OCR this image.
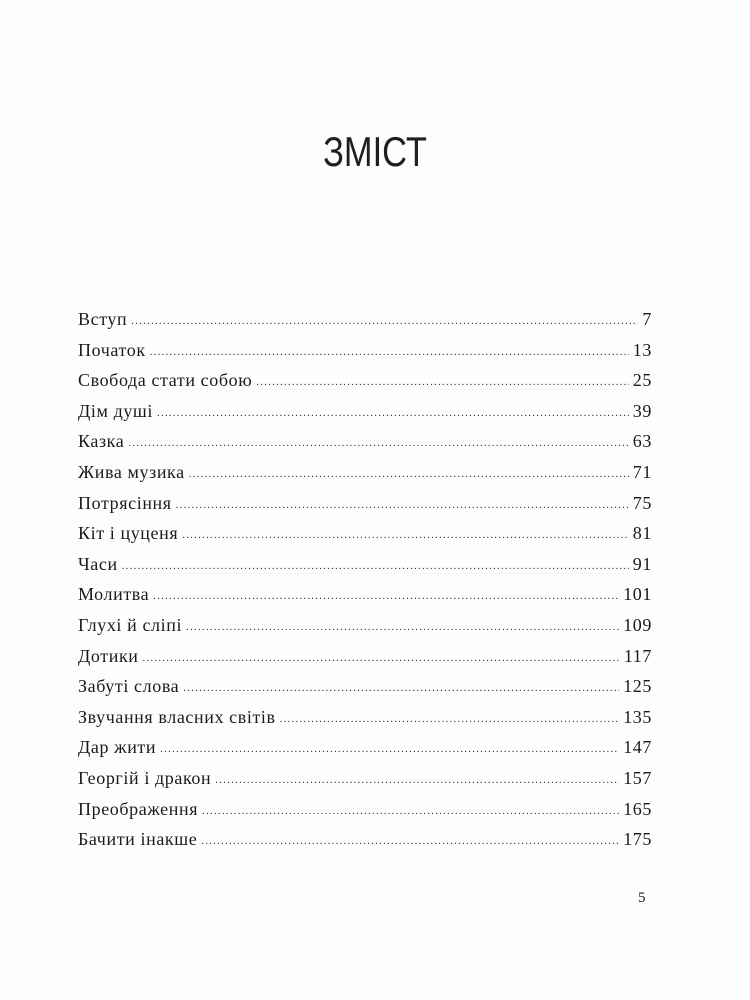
ЗМІСТ
Вступ .....	7
Початок .....	13
Свобода стати собою .....	25
Дім душі .....	39
Казка .....	63
Жива музика .....	71
Потрясіння .....	75
Кіт і цуценя .....	81
Часи .....	91
Молитва .....	101
Глухі й сліпі .....	109
Дотики .....	117
Забуті слова .....	125
Звучання власних світів .....	135
Дар жити .....	147
Георгій і дракон .....	157
Преображення .....	165
Бачити інакше .....	175
5
